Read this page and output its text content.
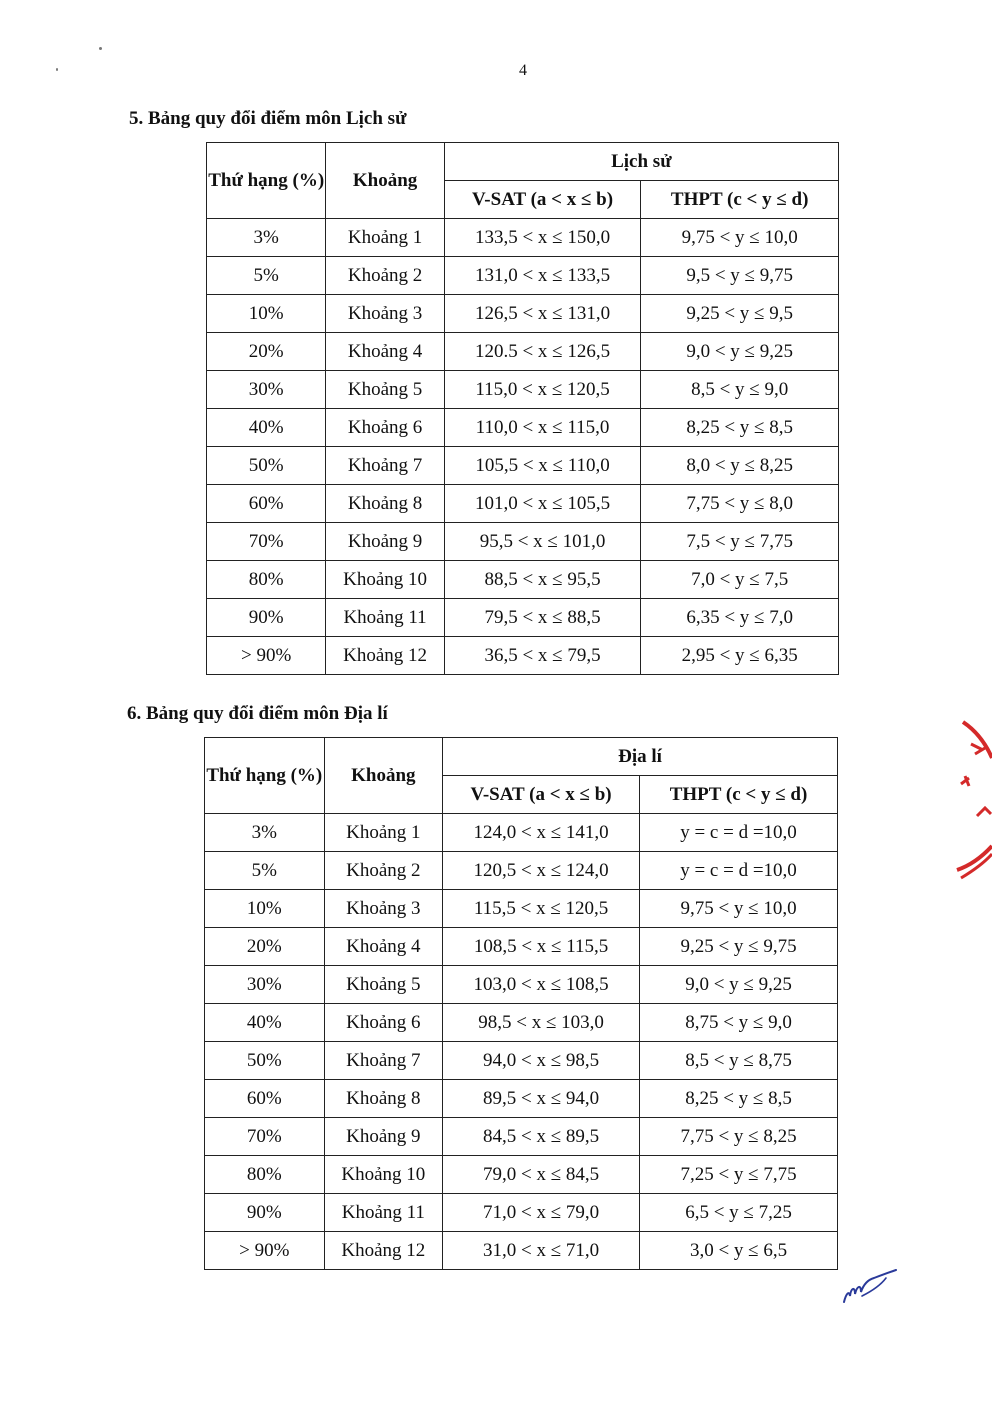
4
5. Bảng quy đổi điểm môn Lịch sử
Thứ hạng (%)	Khoảng	Lịch sử	
		V-SAT (a < x ≤ b)	THPT (c < y ≤ d)
3%	Khoảng 1	133,5 < x ≤ 150,0	9,75 < y ≤ 10,0
5%	Khoảng 2	131,0 < x ≤ 133,5	9,5 < y ≤ 9,75
10%	Khoảng 3	126,5 < x ≤ 131,0	9,25 < y ≤ 9,5
20%	Khoảng 4	120.5 < x ≤ 126,5	9,0 < y ≤ 9,25
30%	Khoảng 5	115,0 < x ≤ 120,5	8,5 < y ≤ 9,0
40%	Khoảng 6	110,0 < x ≤ 115,0	8,25 < y ≤ 8,5
50%	Khoảng 7	105,5 < x ≤ 110,0	8,0 < y ≤ 8,25
60%	Khoảng 8	101,0 < x ≤ 105,5	7,75 < y ≤ 8,0
70%	Khoảng 9	95,5 < x ≤ 101,0	7,5 < y ≤ 7,75
80%	Khoảng 10	88,5 < x ≤ 95,5	7,0 < y ≤ 7,5
90%	Khoảng 11	79,5 < x ≤ 88,5	6,35 < y ≤ 7,0
> 90%	Khoảng 12	36,5 < x ≤ 79,5	2,95 < y ≤ 6,35
6. Bảng quy đổi điểm môn Địa lí
Thứ hạng (%)	Khoảng	Địa lí	
		V-SAT (a < x ≤ b)	THPT (c < y ≤ d)
3%	Khoảng 1	124,0 < x ≤ 141,0	y = c = d =10,0
5%	Khoảng 2	120,5 < x ≤ 124,0	y = c = d =10,0
10%	Khoảng 3	115,5 < x ≤ 120,5	9,75 < y ≤ 10,0
20%	Khoảng 4	108,5 < x ≤ 115,5	9,25 < y ≤ 9,75
30%	Khoảng 5	103,0 < x ≤ 108,5	9,0 < y ≤ 9,25
40%	Khoảng 6	98,5 < x ≤ 103,0	8,75 < y ≤ 9,0
50%	Khoảng 7	94,0 < x ≤ 98,5	8,5 < y ≤ 8,75
60%	Khoảng 8	89,5 < x ≤ 94,0	8,25 < y ≤ 8,5
70%	Khoảng 9	84,5 < x ≤ 89,5	7,75 < y ≤ 8,25
80%	Khoảng 10	79,0 < x ≤ 84,5	7,25 < y ≤ 7,75
90%	Khoảng 11	71,0 < x ≤ 79,0	6,5 < y ≤ 7,25
> 90%	Khoảng 12	31,0 < x ≤ 71,0	3,0 < y ≤ 6,5
